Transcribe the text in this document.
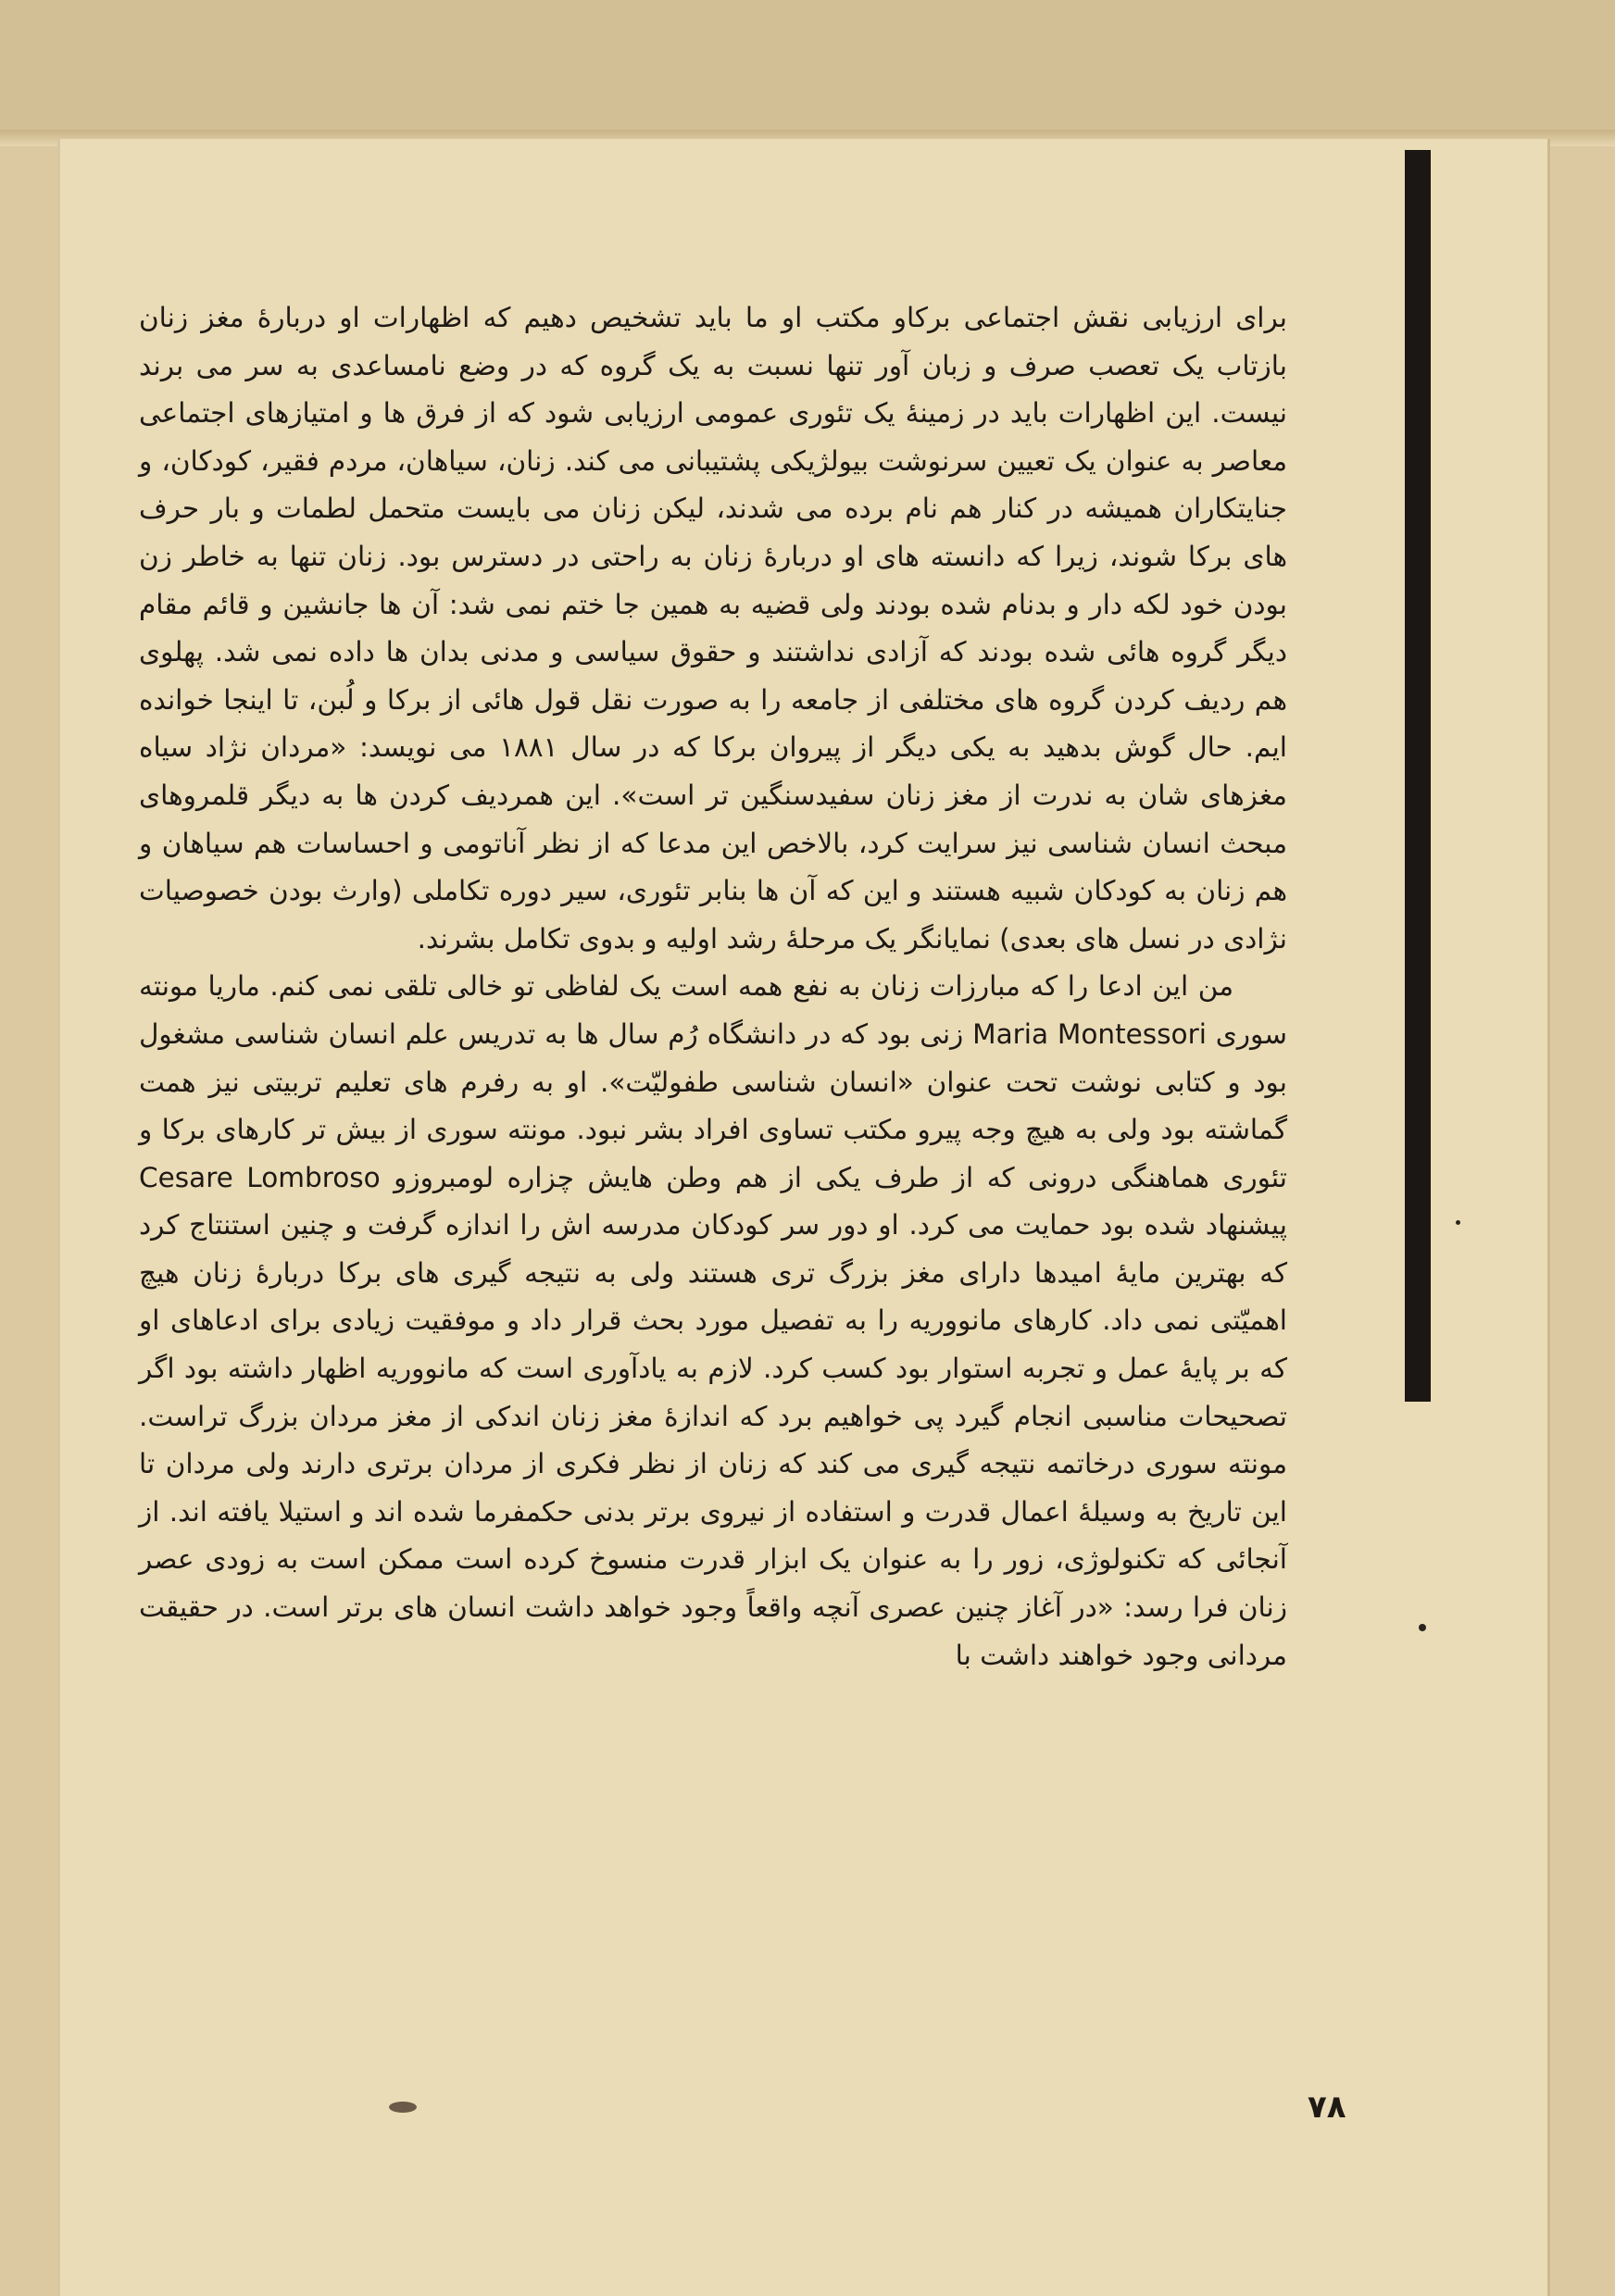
برای ارزیابی نقش اجتماعی برکاو مکتب او ما باید تشخیص دهیم که اظهارات او دربارهٔ مغز زنان بازتاب یک تعصب صرف و زبان آور تنها نسبت به یک گروه که در وضع نامساعدی به سر می برند نیست. این اظهارات باید در زمینهٔ یک تئوری عمومی ارزیابی شود که از فرق ها و امتیازهای اجتماعی معاصر به عنوان یک تعیین سرنوشت بیولژیکی پشتیبانی می کند. زنان، سیاهان، مردم فقیر، کودکان، و جنایتکاران همیشه در کنار هم نام برده می شدند، لیکن زنان می بایست متحمل لطمات و بار حرف های برکا شوند، زیرا که دانسته های او دربارهٔ زنان به راحتی در دسترس بود. زنان تنها به خاطر زن بودن خود لکه دار و بدنام شده بودند ولی قضیه به همین جا ختم نمی شد: آن ها جانشین و قائم مقام دیگر گروه هائی شده بودند که آزادی نداشتند و حقوق سیاسی و مدنی بدان ها داده نمی شد. پهلوی هم ردیف کردن گروه های مختلفی از جامعه را به صورت نقل قول هائی از برکا و لُبن، تا اینجا خوانده ایم. حال گوش بدهید به یکی دیگر از پیروان برکا که در سال ۱۸۸۱ می نویسد: «مردان نژاد سیاه مغزهای شان به ندرت از مغز زنان سفیدسنگین تر است». این همردیف کردن ها به دیگر قلمروهای مبحث انسان شناسی نیز سرایت کرد، بالاخص این مدعا که از نظر آناتومی و احساسات هم سیاهان و هم زنان به کودکان شبیه هستند و این که آن ها بنابر تئوری، سیر دوره تکاملی (وارث بودن خصوصیات نژادی در نسل های بعدی) نمایانگر یک مرحلهٔ رشد اولیه و بدوی تکامل بشرند.

من این ادعا را که مبارزات زنان به نفع همه است یک لفاظی تو خالی تلقی نمی کنم. ماریا مونته سوری Maria Montessori زنی بود که در دانشگاه رُم سال ها به تدریس علم انسان شناسی مشغول بود و کتابی نوشت تحت عنوان «انسان شناسی طفولیّت». او به رفرم های تعلیم تربیتی نیز همت گماشته بود ولی به هیچ وجه پیرو مکتب تساوی افراد بشر نبود. مونته سوری از بیش تر کارهای برکا و تئوری هماهنگی درونی که از طرف یکی از هم وطن هایش چزاره لومبروزو Cesare Lombroso پیشنهاد شده بود حمایت می کرد. او دور سر کودکان مدرسه اش را اندازه گرفت و چنین استنتاج کرد که بهترین مایهٔ امیدها دارای مغز بزرگ تری هستند ولی به نتیجه گیری های برکا دربارهٔ زنان هیچ اهمیّتی نمی داد. کارهای مانووریه را به تفصیل مورد بحث قرار داد و موفقیت زیادی برای ادعاهای او که بر پایهٔ عمل و تجربه استوار بود کسب کرد. لازم به یادآوری است که مانووریه اظهار داشته بود اگر تصحیحات مناسبی انجام گیرد پی خواهیم برد که اندازهٔ مغز زنان اندکی از مغز مردان بزرگ تراست. مونته سوری درخاتمه نتیجه گیری می کند که زنان از نظر فکری از مردان برتری دارند ولی مردان تا این تاریخ به وسیلهٔ اعمال قدرت و استفاده از نیروی برتر بدنی حکمفرما شده اند و استیلا یافته اند. از آنجائی که تکنولوژی، زور را به عنوان یک ابزار قدرت منسوخ کرده است ممکن است به زودی عصر زنان فرا رسد: «در آغاز چنین عصری آنچه واقعاً وجود خواهد داشت انسان های برتر است. در حقیقت مردانی وجود خواهند داشت با

۷۸
